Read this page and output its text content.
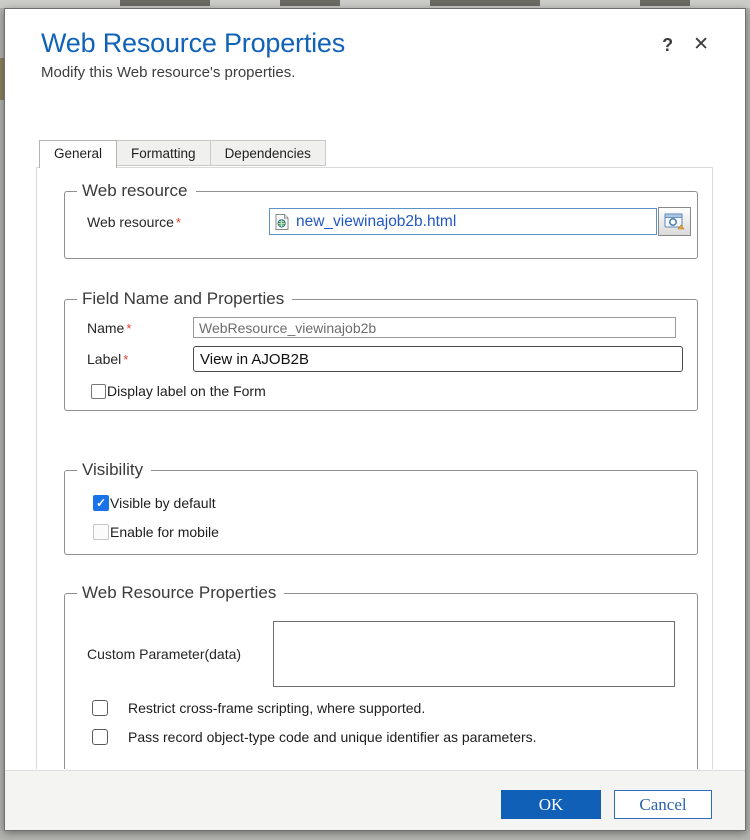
Web Resource Properties
Modify this Web resource's properties.
? ✕
General	Formatting	Dependencies
Web resource
Web resource *	new_viewinajob2b.html
Field Name and Properties
Name *	WebResource_viewinajob2b
Label *	View in AJOB2B
Display label on the Form
Visibility
✓ Visible by default
Enable for mobile
Web Resource Properties
Custom Parameter(data)
Restrict cross-frame scripting, where supported.
Pass record object-type code and unique identifier as parameters.
OK	Cancel
